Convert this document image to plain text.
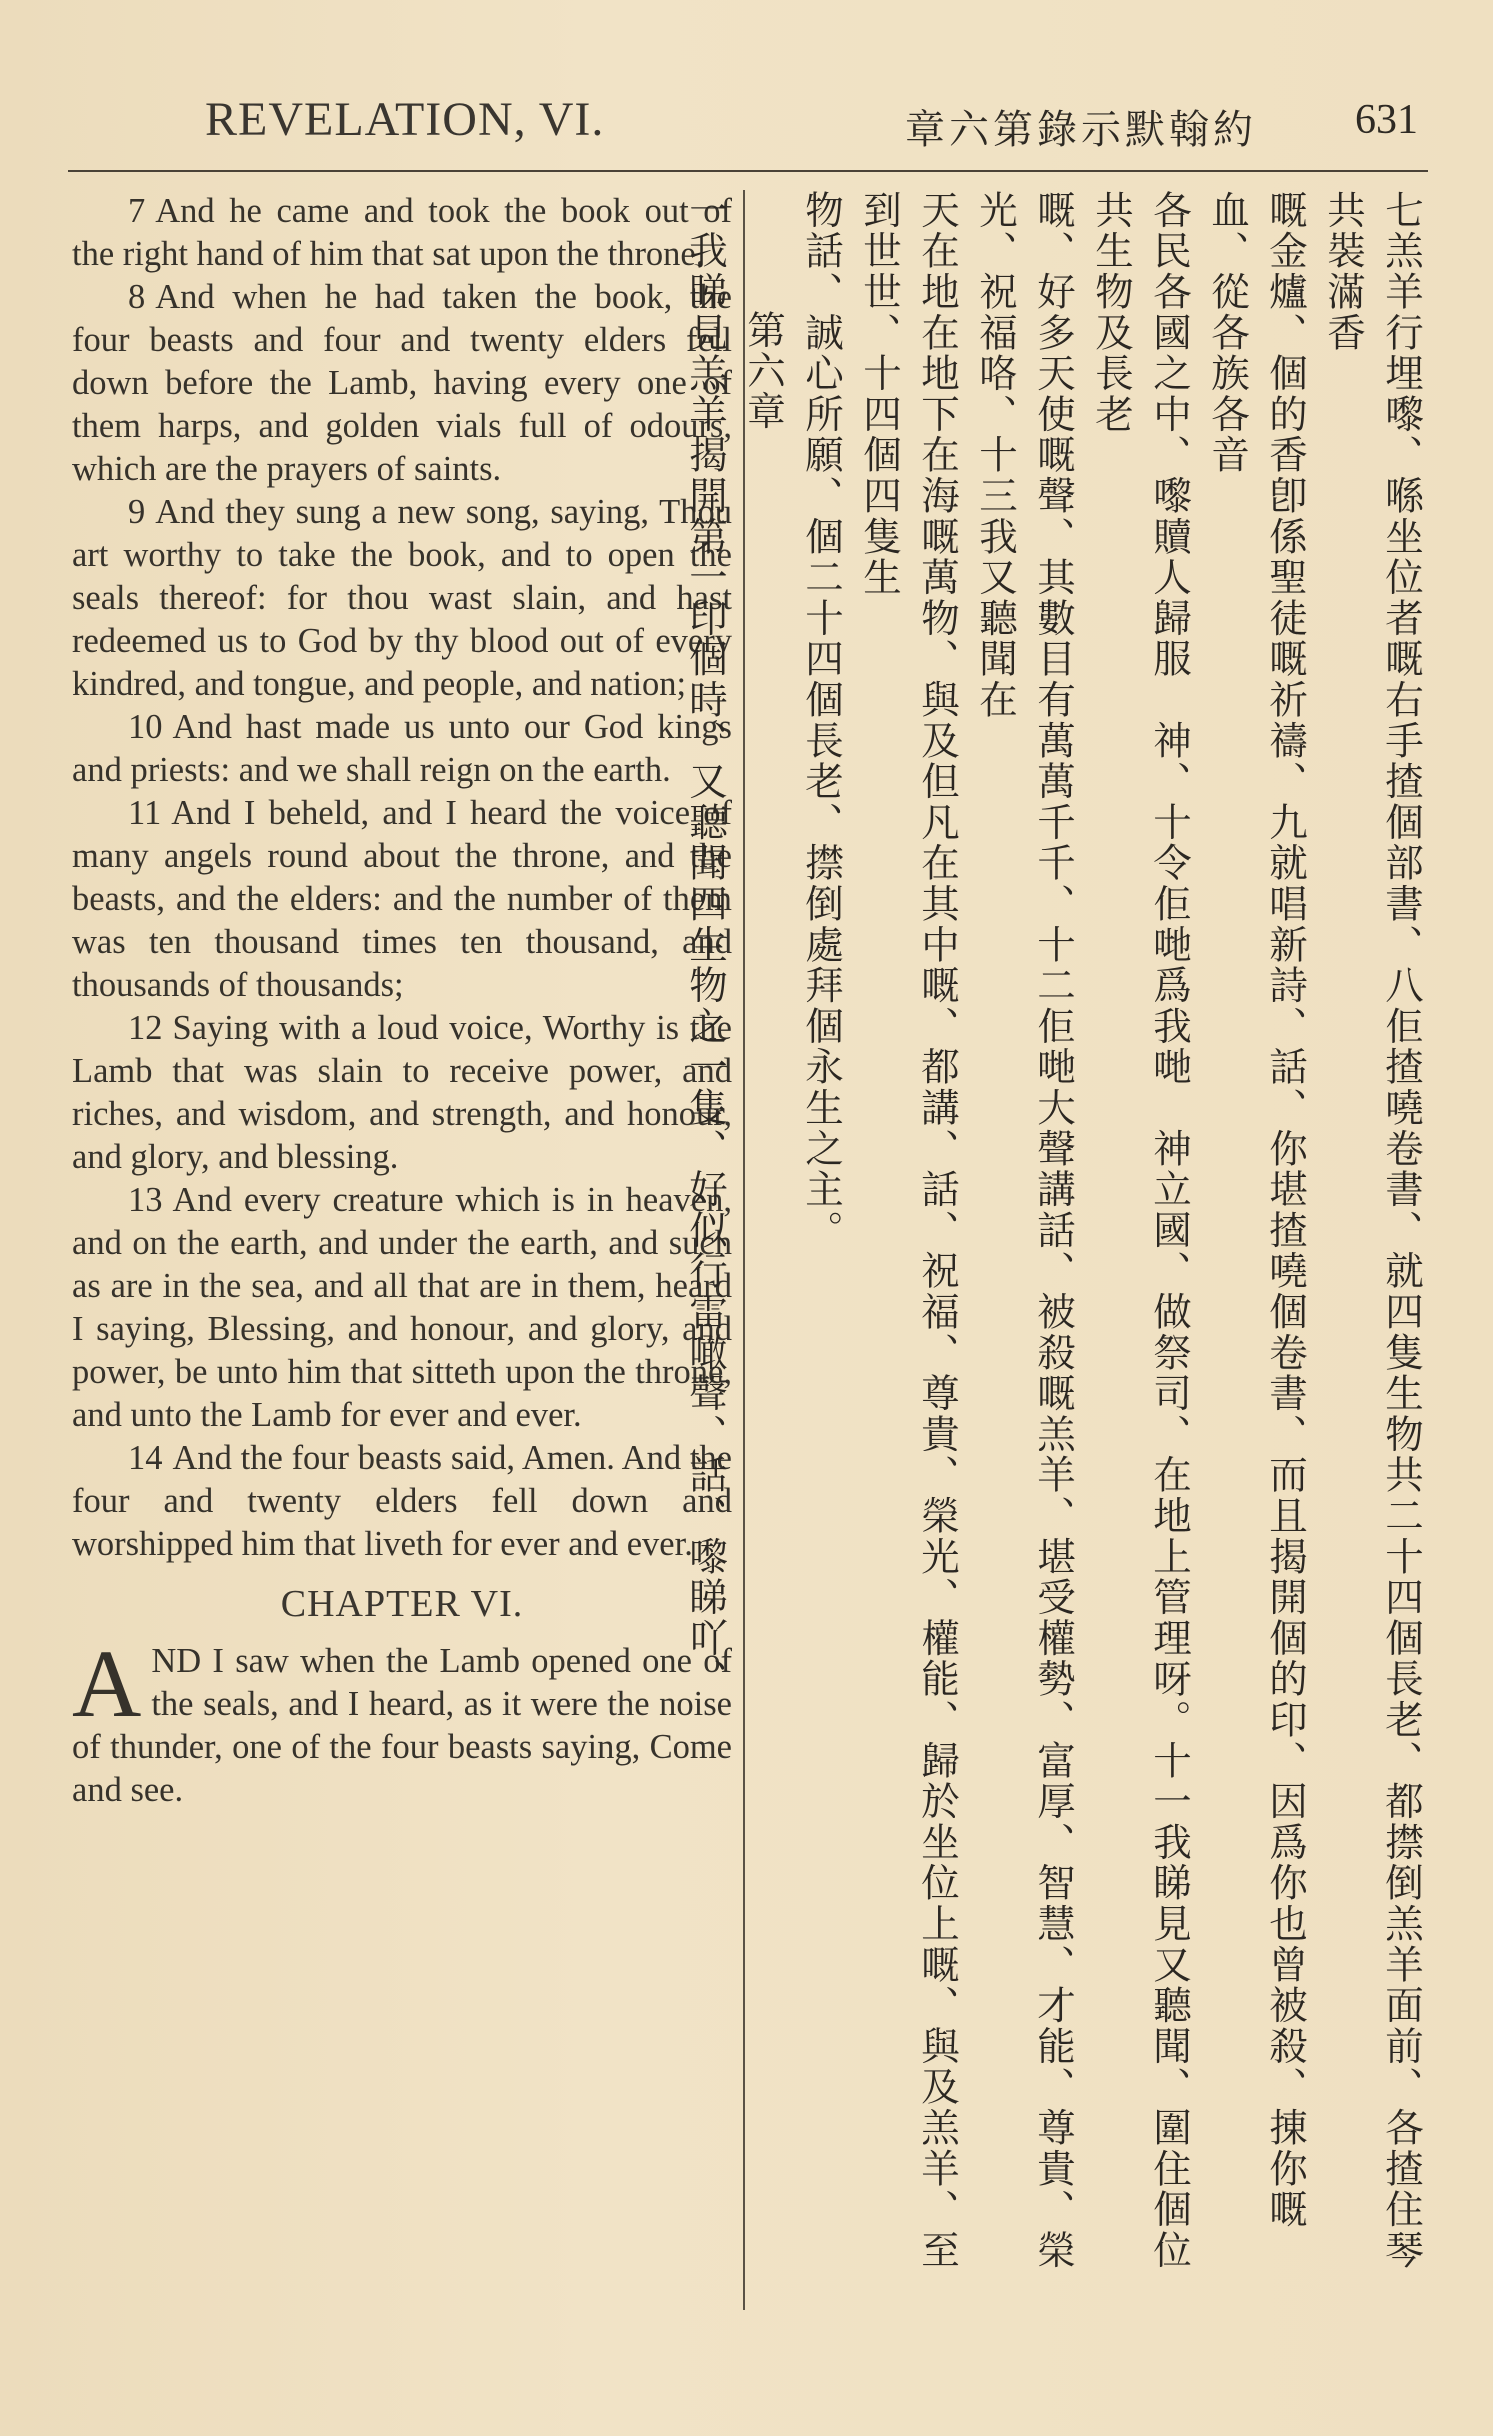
REVELATION, VI.	章六第錄示默翰約 631
7 And he came and took the book out of the right hand of him that sat upon the throne.
8 And when he had taken the book, the four beasts and four and twenty elders fell down before the Lamb, having every one of them harps, and golden vials full of odours, which are the prayers of saints.
9 And they sung a new song, saying, Thou art worthy to take the book, and to open the seals thereof: for thou wast slain, and hast redeemed us to God by thy blood out of every kindred, and tongue, and people, and nation;
10 And hast made us unto our God kings and priests: and we shall reign on the earth.
11 And I beheld, and I heard the voice of many angels round about the throne, and the beasts, and the elders: and the number of them was ten thousand times ten thousand, and thousands of thousands;
12 Saying with a loud voice, Worthy is the Lamb that was slain to receive power, and riches, and wisdom, and strength, and honour, and glory, and blessing.
13 And every creature which is in heaven, and on the earth, and under the earth, and such as are in the sea, and all that are in them, heard I saying, Blessing, and honour, and glory, and power, be unto him that sitteth upon the throne, and unto the Lamb for ever and ever.
14 And the four beasts said, Amen. And the four and twenty elders fell down and worshipped him that liveth for ever and ever.
CHAPTER VI.
AND I saw when the Lamb opened one of the seals, and I heard, as it were the noise of thunder, one of the four beasts saying, Come and see.	七羔羊行埋嚟、喺坐位者嘅右手揸個部書、八佢揸嘵卷書、就四隻生物共二十四個長老、都㩒倒羔羊面前、各揸住琴共裝滿香

嘅金爐、個的香卽係聖徒嘅祈禱、九就唱新詩、話、你堪揸嘵個卷書、而且揭開個的印、因爲你也曾被殺、㨂你嘅血、從各族各音

各民各國之中、嚟贖人歸服　神、十令佢哋爲我哋　神立國、做祭司、在地上管理呀。十一我睇見又聽聞、圍住個位共生物及長老

嘅、好多天使嘅聲、其數目有萬萬千千、十二佢哋大聲講話、被殺嘅羔羊、堪受權勢、富厚、智慧、才能、尊貴、榮光、祝福咯、十三我又聽聞在

天在地在地下在海嘅萬物、與及但凡在其中嘅、都講、話、祝福、尊貴、榮光、權能、歸於坐位上嘅、與及羔羊、至到世世、十四個四隻生

物話、誠心所願、個二十四個長老、㩒倒處拜個永生之主。

第六章

一我睇見羔羊揭開第一印個時、又聽聞四生物之一隻、好似行雷噉聲、話、嚟睇吖、
